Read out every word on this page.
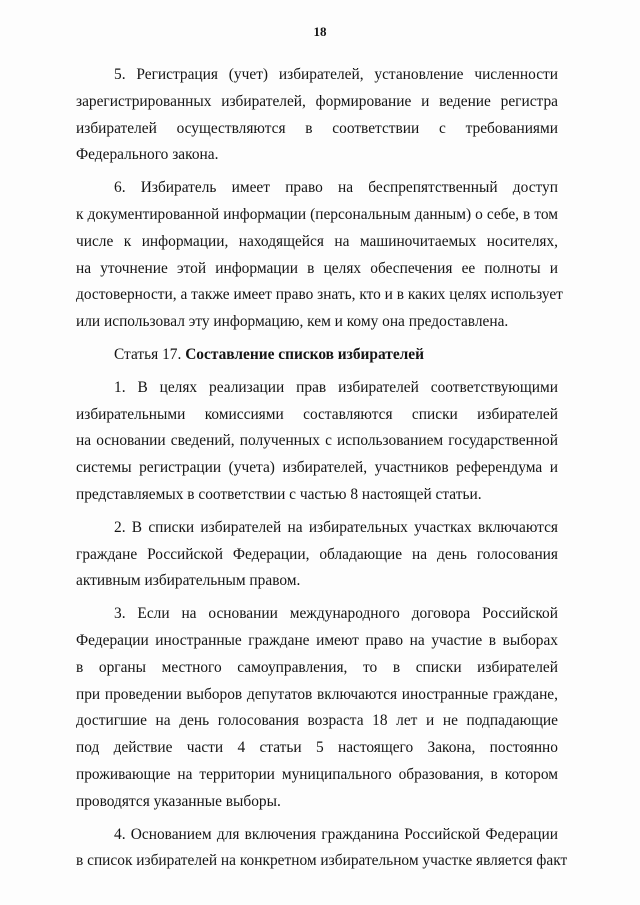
18
5. Регистрация (учет) избирателей, установление численности
зарегистрированных избирателей, формирование и ведение регистра
избирателей осуществляются в соответствии с требованиями
Федерального закона.
6. Избиратель имеет право на беспрепятственный доступ
к документированной информации (персональным данным) о себе, в том
числе к информации, находящейся на машиночитаемых носителях,
на уточнение этой информации в целях обеспечения ее полноты и
достоверности, а также имеет право знать, кто и в каких целях использует
или использовал эту информацию, кем и кому она предоставлена.
Статья 17. Составление списков избирателей
1. В целях реализации прав избирателей соответствующими
избирательными комиссиями составляются списки избирателей
на основании сведений, полученных с использованием государственной
системы регистрации (учета) избирателей, участников референдума и
представляемых в соответствии с частью 8 настоящей статьи.
2. В списки избирателей на избирательных участках включаются
граждане Российской Федерации, обладающие на день голосования
активным избирательным правом.
3. Если на основании международного договора Российской
Федерации иностранные граждане имеют право на участие в выборах
в органы местного самоуправления, то в списки избирателей
при проведении выборов депутатов включаются иностранные граждане,
достигшие на день голосования возраста 18 лет и не подпадающие
под действие части 4 статьи 5 настоящего Закона, постоянно
проживающие на территории муниципального образования, в котором
проводятся указанные выборы.
4. Основанием для включения гражданина Российской Федерации
в список избирателей на конкретном избирательном участке является факт
